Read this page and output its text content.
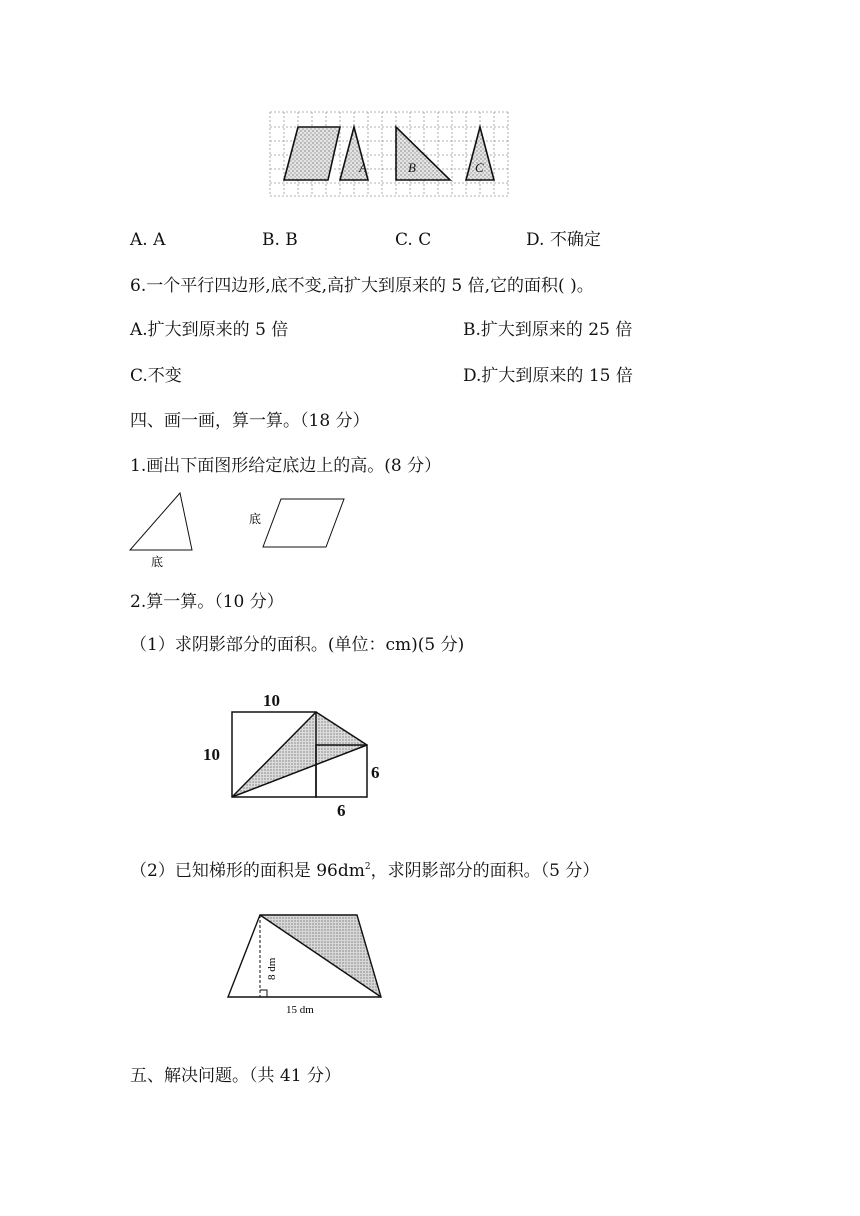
A	B	C
A. A	B. B	C. C	D. 不确定
6.一个平行四边形,底不变,高扩大到原来的 5 倍,它的面积( )。
A.扩大到原来的 5 倍	B.扩大到原来的 25 倍
C.不变	D.扩大到原来的 15 倍
四、画一画，算一算。（18 分）
1.画出下面图形给定底边上的高。(8 分）
底
底
2.算一算。（10 分）
（1）求阴影部分的面积。(单位：cm)(5 分)
10
10
6
6
（2）已知梯形的面积是 $96dm^2$，求阴影部分的面积。（5 分）
8 dm
15 dm
五、解决问题。（共 41 分）
